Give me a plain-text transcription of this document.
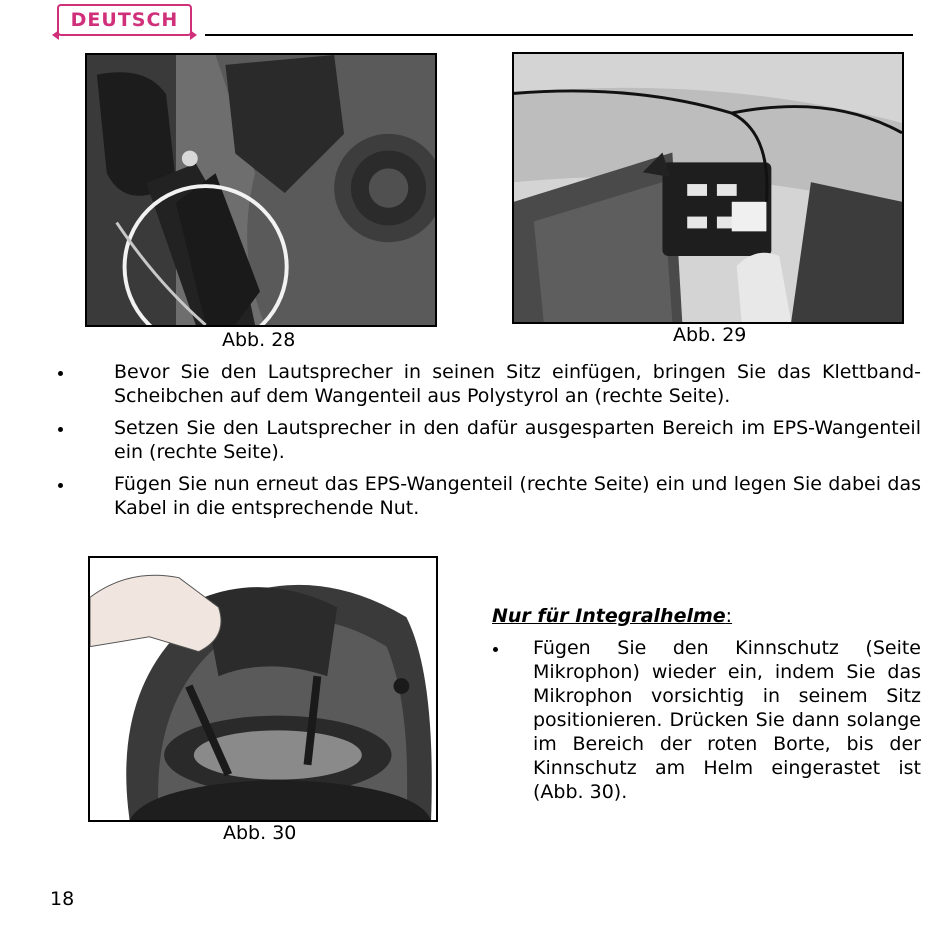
DEUTSCH
Abb. 28	Abb. 29
Bevor Sie den Lautsprecher in seinen Sitz einfügen, bringen Sie das Klettband-Scheibchen auf dem Wangenteil aus Polystyrol an (rechte Seite).
Setzen Sie den Lautsprecher in den dafür ausgesparten Bereich im EPS-Wangenteil ein (rechte Seite).
Fügen Sie nun erneut das EPS-Wangenteil (rechte Seite) ein und legen Sie dabei das Kabel in die entsprechende Nut.
Abb. 30
Nur für Integralhelme:
Fügen Sie den Kinnschutz (Seite Mikrophon) wieder ein, indem Sie das Mikrophon vorsichtig in seinem Sitz positionieren. Drücken Sie dann solange im Bereich der roten Borte, bis der Kinnschutz am Helm eingerastet ist (Abb. 30).
18
